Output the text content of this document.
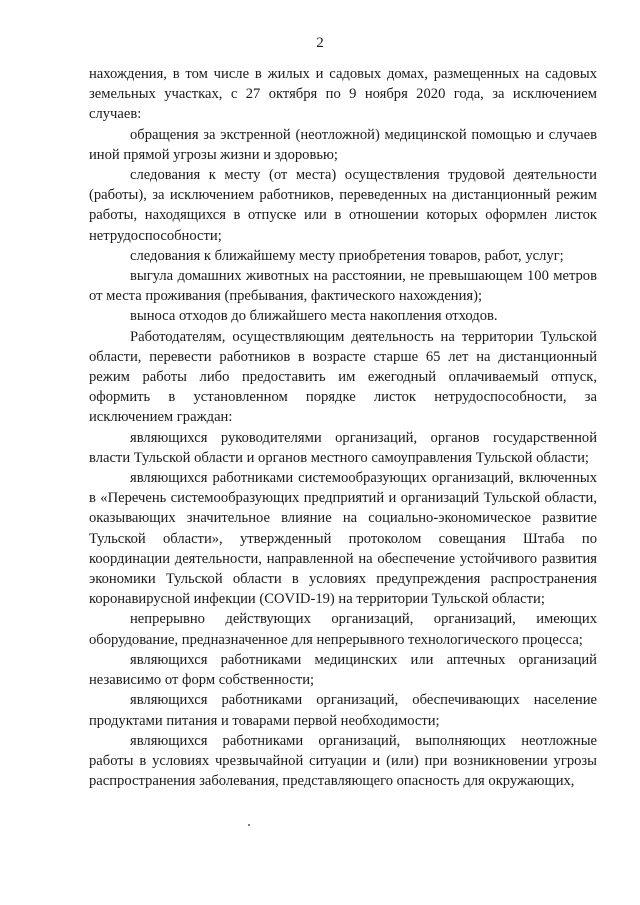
2

нахождения, в том числе в жилых и садовых домах, размещенных на садовых земельных участках, с 27 октября по 9 ноября 2020 года, за исключением случаев:

обращения за экстренной (неотложной) медицинской помощью и случаев иной прямой угрозы жизни и здоровью;

следования к месту (от места) осуществления трудовой деятельности (работы), за исключением работников, переведенных на дистанционный режим работы, находящихся в отпуске или в отношении которых оформлен листок нетрудоспособности;

следования к ближайшему месту приобретения товаров, работ, услуг;

выгула домашних животных на расстоянии, не превышающем 100 метров от места проживания (пребывания, фактического нахождения);

выноса отходов до ближайшего места накопления отходов.

Работодателям, осуществляющим деятельность на территории Тульской области, перевести работников в возрасте старше 65 лет на дистанционный режим работы либо предоставить им ежегодный оплачиваемый отпуск, оформить в установленном порядке листок нетрудоспособности, за исключением граждан:

являющихся руководителями организаций, органов государственной власти Тульской области и органов местного самоуправления Тульской области;

являющихся работниками системообразующих организаций, включенных в «Перечень системообразующих предприятий и организаций Тульской области, оказывающих значительное влияние на социально-экономическое развитие Тульской области», утвержденный протоколом совещания Штаба по координации деятельности, направленной на обеспечение устойчивого развития экономики Тульской области в условиях предупреждения распространения коронавирусной инфекции (COVID-19) на территории Тульской области;

непрерывно действующих организаций, организаций, имеющих оборудование, предназначенное для непрерывного технологического процесса;

являющихся работниками медицинских или аптечных организаций независимо от форм собственности;

являющихся работниками организаций, обеспечивающих население продуктами питания и товарами первой необходимости;

являющихся работниками организаций, выполняющих неотложные работы в условиях чрезвычайной ситуации и (или) при возникновении угрозы распространения заболевания, представляющего опасность для окружающих,
